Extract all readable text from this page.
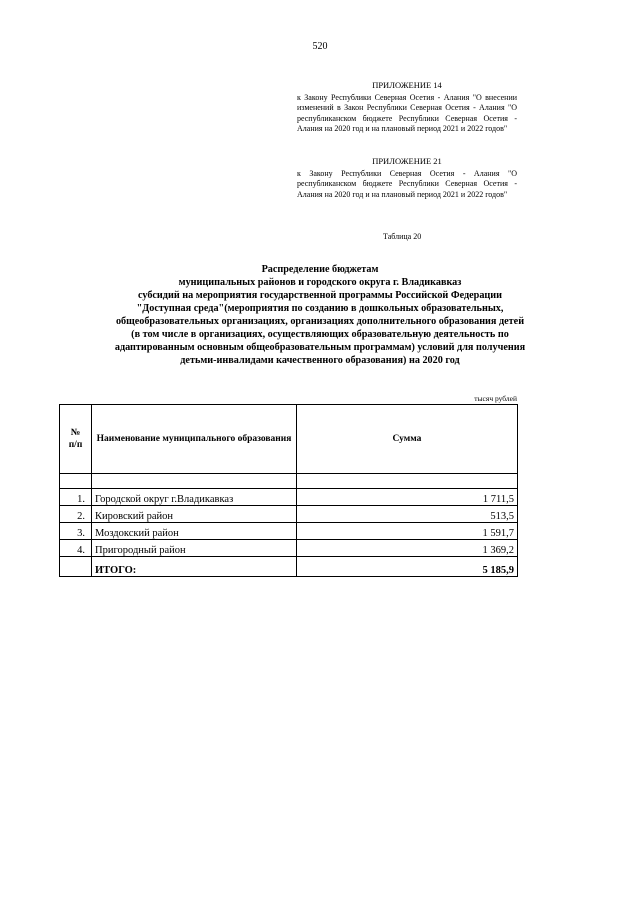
520
ПРИЛОЖЕНИЕ 14
к Закону Республики Северная Осетия - Алания "О внесении изменений в Закон Республики Северная Осетия - Алания "О республиканском бюджете Республики Северная Осетия - Алания на 2020 год и на плановый период 2021 и 2022 годов"
ПРИЛОЖЕНИЕ 21
к Закону Республики Северная Осетия - Алания "О республиканском бюджете Республики Северная Осетия - Алания на 2020 год и на плановый период 2021 и 2022 годов"
Таблица 20
Распределение бюджетам
муниципальных районов и городского округа г. Владикавказ
субсидий на мероприятия государственной программы Российской Федерации
"Доступная среда"(мероприятия по созданию в дошкольных образовательных,
общеобразовательных организациях, организациях дополнительного образования детей
(в том числе в организациях, осуществляющих образовательную деятельность по
адаптированным основным общеобразовательным программам) условий для получения
детьми-инвалидами качественного образования) на 2020 год
тысяч рублей
№
п/п	Наименование муниципального образования	Сумма

1.	Городской округ г.Владикавказ	1 711,5
2.	Кировский район	513,5
3.	Моздокский район	1 591,7
4.	Пригородный район	1 369,2
	ИТОГО:	5 185,9
